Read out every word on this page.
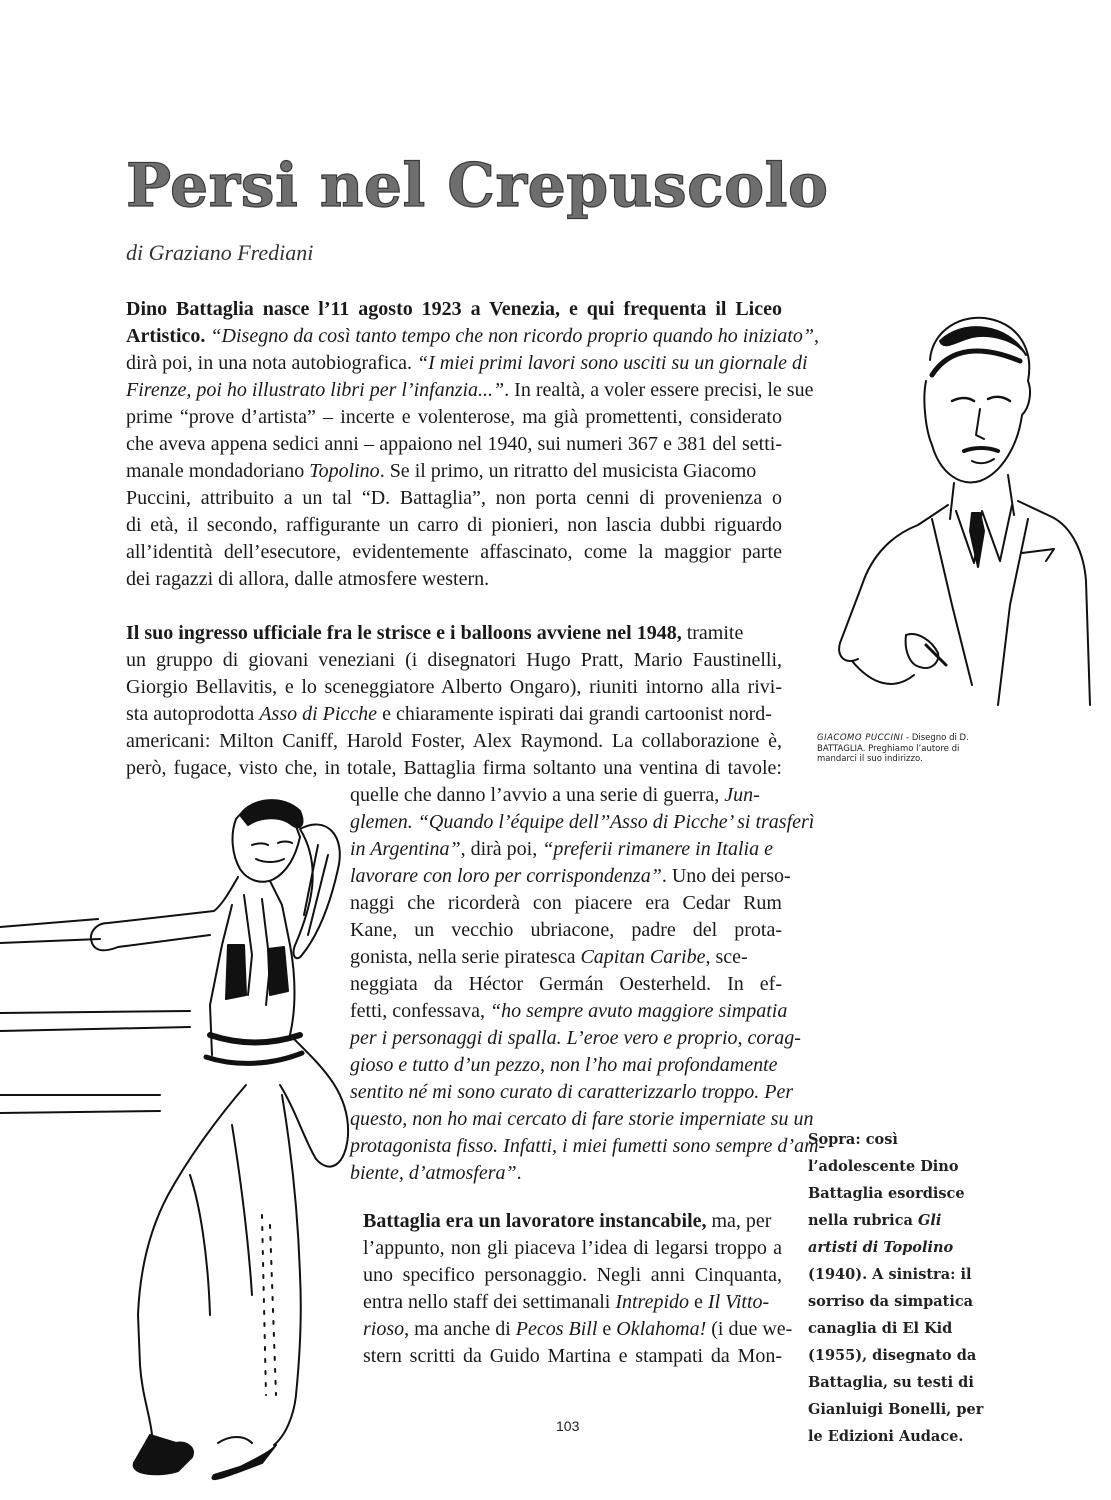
Persi nel Crepuscolo
di Graziano Frediani
Dino Battaglia nasce l’11 agosto 1923 a Venezia, e qui frequenta il Liceo
Artistico. “Disegno da così tanto tempo che non ricordo proprio quando ho iniziato”,
dirà poi, in una nota autobiografica. “I miei primi lavori sono usciti su un giornale di
Firenze, poi ho illustrato libri per l’infanzia...”. In realtà, a voler essere precisi, le sue
prime “prove d’artista” – incerte e volenterose, ma già promettenti, considerato
che aveva appena sedici anni – appaiono nel 1940, sui numeri 367 e 381 del setti-
manale mondadoriano Topolino. Se il primo, un ritratto del musicista Giacomo
Puccini, attribuito a un tal “D. Battaglia”, non porta cenni di provenienza o
di età, il secondo, raffigurante un carro di pionieri, non lascia dubbi riguardo
all’identità dell’esecutore, evidentemente affascinato, come la maggior parte
dei ragazzi di allora, dalle atmosfere western.
Il suo ingresso ufficiale fra le strisce e i balloons avviene nel 1948, tramite
un gruppo di giovani veneziani (i disegnatori Hugo Pratt, Mario Faustinelli,
Giorgio Bellavitis, e lo sceneggiatore Alberto Ongaro), riuniti intorno alla rivi-
sta autoprodotta Asso di Picche e chiaramente ispirati dai grandi cartoonist nord-
americani: Milton Caniff, Harold Foster, Alex Raymond. La collaborazione è,
però, fugace, visto che, in totale, Battaglia firma soltanto una ventina di tavole:
quelle che danno l’avvio a una serie di guerra, Jun-
glemen. “Quando l’équipe dell’’Asso di Picche’ si trasferì
in Argentina”, dirà poi, “preferii rimanere in Italia e
lavorare con loro per corrispondenza”. Uno dei perso-
naggi che ricorderà con piacere era Cedar Rum
Kane, un vecchio ubriacone, padre del prota-
gonista, nella serie piratesca Capitan Caribe, sce-
neggiata da Héctor Germán Oesterheld. In ef-
fetti, confessava, “ho sempre avuto maggiore simpatia
per i personaggi di spalla. L’eroe vero e proprio, corag-
gioso e tutto d’un pezzo, non l’ho mai profondamente
sentito né mi sono curato di caratterizzarlo troppo. Per
questo, non ho mai cercato di fare storie imperniate su un
protagonista fisso. Infatti, i miei fumetti sono sempre d’am-
biente, d’atmosfera”.
Battaglia era un lavoratore instancabile, ma, per
l’appunto, non gli piaceva l’idea di legarsi troppo a
uno specifico personaggio. Negli anni Cinquanta,
entra nello staff dei settimanali Intrepido e Il Vitto-
rioso, ma anche di Pecos Bill e Oklahoma! (i due we-
stern scritti da Guido Martina e stampati da Mon-
GIACOMO PUCCINI - Disegno di D. BATTAGLIA. Preghiamo l’autore di mandarci il suo indirizzo.
Sopra: così l’adolescente Dino Battaglia esordisce nella rubrica Gli artisti di Topolino (1940). A sinistra: il sorriso da simpatica canaglia di El Kid (1955), disegnato da Battaglia, su testi di Gianluigi Bonelli, per le Edizioni Audace.
103
